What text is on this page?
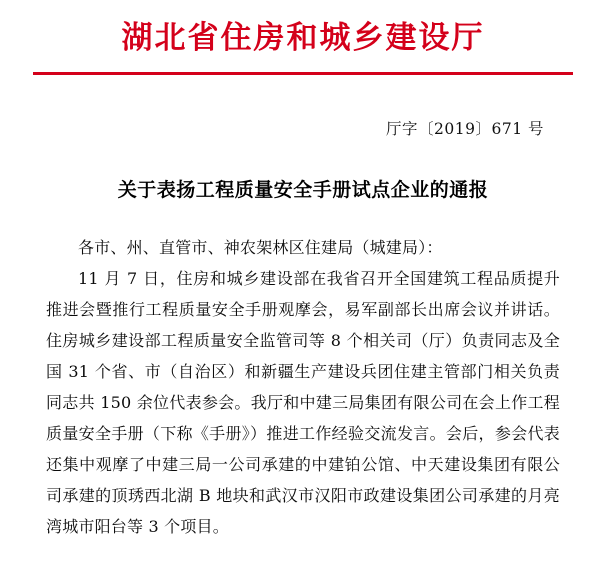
湖北省住房和城乡建设厅
厅字〔2019〕671 号
关于表扬工程质量安全手册试点企业的通报

各市、州、直管市、神农架林区住建局（城建局）：

11 月 7 日，住房和城乡建设部在我省召开全国建筑工程品质提升推进会暨推行工程质量安全手册观摩会，易军副部长出席会议并讲话。住房城乡建设部工程质量安全监管司等 8 个相关司（厅）负责同志及全国 31 个省、市（自治区）和新疆生产建设兵团住建主管部门相关负责同志共 150 余位代表参会。我厅和中建三局集团有限公司在会上作工程质量安全手册（下称《手册》）推进工作经验交流发言。会后，参会代表还集中观摩了中建三局一公司承建的中建铂公馆、中天建设集团有限公司承建的顶琇西北湖 B 地块和武汉市汉阳市政建设集团公司承建的月亮湾城市阳台等 3 个项目。
